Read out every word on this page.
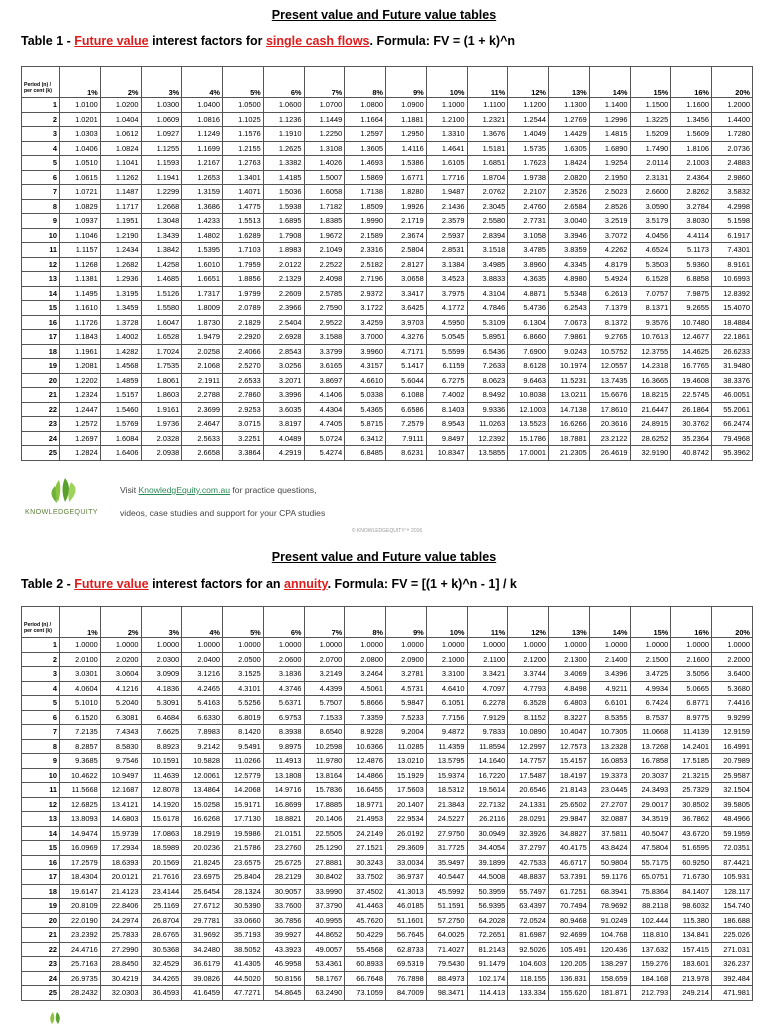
Present value and Future value tables
Table 1 - Future value interest factors for single cash flows. Formula: FV = (1 + k)^n
Period (n) / per cent (k)	1%	2%	3%	4%	5%	6%	7%	8%	9%	10%	11%	12%	13%	14%	15%	16%	20%
1	1.0100	1.0200	1.0300	1.0400	1.0500	1.0600	1.0700	1.0800	1.0900	1.1000	1.1100	1.1200	1.1300	1.1400	1.1500	1.1600	1.2000
2	1.0201	1.0404	1.0609	1.0816	1.1025	1.1236	1.1449	1.1664	1.1881	1.2100	1.2321	1.2544	1.2769	1.2996	1.3225	1.3456	1.4400
3	1.0303	1.0612	1.0927	1.1249	1.1576	1.1910	1.2250	1.2597	1.2950	1.3310	1.3676	1.4049	1.4429	1.4815	1.5209	1.5609	1.7280
4	1.0406	1.0824	1.1255	1.1699	1.2155	1.2625	1.3108	1.3605	1.4116	1.4641	1.5181	1.5735	1.6305	1.6890	1.7490	1.8106	2.0736
5	1.0510	1.1041	1.1593	1.2167	1.2763	1.3382	1.4026	1.4693	1.5386	1.6105	1.6851	1.7623	1.8424	1.9254	2.0114	2.1003	2.4883
6	1.0615	1.1262	1.1941	1.2653	1.3401	1.4185	1.5007	1.5869	1.6771	1.7716	1.8704	1.9738	2.0820	2.1950	2.3131	2.4364	2.9860
7	1.0721	1.1487	1.2299	1.3159	1.4071	1.5036	1.6058	1.7138	1.8280	1.9487	2.0762	2.2107	2.3526	2.5023	2.6600	2.8262	3.5832
8	1.0829	1.1717	1.2668	1.3686	1.4775	1.5938	1.7182	1.8509	1.9926	2.1436	2.3045	2.4760	2.6584	2.8526	3.0590	3.2784	4.2998
9	1.0937	1.1951	1.3048	1.4233	1.5513	1.6895	1.8385	1.9990	2.1719	2.3579	2.5580	2.7731	3.0040	3.2519	3.5179	3.8030	5.1598
10	1.1046	1.2190	1.3439	1.4802	1.6289	1.7908	1.9672	2.1589	2.3674	2.5937	2.8394	3.1058	3.3946	3.7072	4.0456	4.4114	6.1917
11	1.1157	1.2434	1.3842	1.5395	1.7103	1.8983	2.1049	2.3316	2.5804	2.8531	3.1518	3.4785	3.8359	4.2262	4.6524	5.1173	7.4301
12	1.1268	1.2682	1.4258	1.6010	1.7959	2.0122	2.2522	2.5182	2.8127	3.1384	3.4985	3.8960	4.3345	4.8179	5.3503	5.9360	8.9161
13	1.1381	1.2936	1.4685	1.6651	1.8856	2.1329	2.4098	2.7196	3.0658	3.4523	3.8833	4.3635	4.8980	5.4924	6.1528	6.8858	10.6993
14	1.1495	1.3195	1.5126	1.7317	1.9799	2.2609	2.5785	2.9372	3.3417	3.7975	4.3104	4.8871	5.5348	6.2613	7.0757	7.9875	12.8392
15	1.1610	1.3459	1.5580	1.8009	2.0789	2.3966	2.7590	3.1722	3.6425	4.1772	4.7846	5.4736	6.2543	7.1379	8.1371	9.2655	15.4070
16	1.1726	1.3728	1.6047	1.8730	2.1829	2.5404	2.9522	3.4259	3.9703	4.5950	5.3109	6.1304	7.0673	8.1372	9.3576	10.7480	18.4884
17	1.1843	1.4002	1.6528	1.9479	2.2920	2.6928	3.1588	3.7000	4.3276	5.0545	5.8951	6.8660	7.9861	9.2765	10.7613	12.4677	22.1861
18	1.1961	1.4282	1.7024	2.0258	2.4066	2.8543	3.3799	3.9960	4.7171	5.5599	6.5436	7.6900	9.0243	10.5752	12.3755	14.4625	26.6233
19	1.2081	1.4568	1.7535	2.1068	2.5270	3.0256	3.6165	4.3157	5.1417	6.1159	7.2633	8.6128	10.1974	12.0557	14.2318	16.7765	31.9480
20	1.2202	1.4859	1.8061	2.1911	2.6533	3.2071	3.8697	4.6610	5.6044	6.7275	8.0623	9.6463	11.5231	13.7435	16.3665	19.4608	38.3376
21	1.2324	1.5157	1.8603	2.2788	2.7860	3.3996	4.1406	5.0338	6.1088	7.4002	8.9492	10.8038	13.0211	15.6676	18.8215	22.5745	46.0051
22	1.2447	1.5460	1.9161	2.3699	2.9253	3.6035	4.4304	5.4365	6.6586	8.1403	9.9336	12.1003	14.7138	17.8610	21.6447	26.1864	55.2061
23	1.2572	1.5769	1.9736	2.4647	3.0715	3.8197	4.7405	5.8715	7.2579	8.9543	11.0263	13.5523	16.6266	20.3616	24.8915	30.3762	66.2474
24	1.2697	1.6084	2.0328	2.5633	3.2251	4.0489	5.0724	6.3412	7.9111	9.8497	12.2392	15.1786	18.7881	23.2122	28.6252	35.2364	79.4968
25	1.2824	1.6406	2.0938	2.6658	3.3864	4.2919	5.4274	6.8485	8.6231	10.8347	13.5855	17.0001	21.2305	26.4619	32.9190	40.8742	95.3962
KNOWLEDGEQUITY
Visit KnowledgEquity.com.au for practice questions,
videos, case studies and support for your CPA studies
© KNOWLEDGEQUITY™ 2016
Present value and Future value tables
Table 2 - Future value interest factors for an annuity. Formula: FV = [(1 + k)^n - 1] / k
Period (n) / per cent (k)	1%	2%	3%	4%	5%	6%	7%	8%	9%	10%	11%	12%	13%	14%	15%	16%	20%
1	1.0000	1.0000	1.0000	1.0000	1.0000	1.0000	1.0000	1.0000	1.0000	1.0000	1.0000	1.0000	1.0000	1.0000	1.0000	1.0000	1.0000
2	2.0100	2.0200	2.0300	2.0400	2.0500	2.0600	2.0700	2.0800	2.0900	2.1000	2.1100	2.1200	2.1300	2.1400	2.1500	2.1600	2.2000
3	3.0301	3.0604	3.0909	3.1216	3.1525	3.1836	3.2149	3.2464	3.2781	3.3100	3.3421	3.3744	3.4069	3.4396	3.4725	3.5056	3.6400
4	4.0604	4.1216	4.1836	4.2465	4.3101	4.3746	4.4399	4.5061	4.5731	4.6410	4.7097	4.7793	4.8498	4.9211	4.9934	5.0665	5.3680
5	5.1010	5.2040	5.3091	5.4163	5.5256	5.6371	5.7507	5.8666	5.9847	6.1051	6.2278	6.3528	6.4803	6.6101	6.7424	6.8771	7.4416
6	6.1520	6.3081	6.4684	6.6330	6.8019	6.9753	7.1533	7.3359	7.5233	7.7156	7.9129	8.1152	8.3227	8.5355	8.7537	8.9775	9.9299
7	7.2135	7.4343	7.6625	7.8983	8.1420	8.3938	8.6540	8.9228	9.2004	9.4872	9.7833	10.0890	10.4047	10.7305	11.0668	11.4139	12.9159
8	8.2857	8.5830	8.8923	9.2142	9.5491	9.8975	10.2598	10.6366	11.0285	11.4359	11.8594	12.2997	12.7573	13.2328	13.7268	14.2401	16.4991
9	9.3685	9.7546	10.1591	10.5828	11.0266	11.4913	11.9780	12.4876	13.0210	13.5795	14.1640	14.7757	15.4157	16.0853	16.7858	17.5185	20.7989
10	10.4622	10.9497	11.4639	12.0061	12.5779	13.1808	13.8164	14.4866	15.1929	15.9374	16.7220	17.5487	18.4197	19.3373	20.3037	21.3215	25.9587
11	11.5668	12.1687	12.8078	13.4864	14.2068	14.9716	15.7836	16.6455	17.5603	18.5312	19.5614	20.6546	21.8143	23.0445	24.3493	25.7329	32.1504
12	12.6825	13.4121	14.1920	15.0258	15.9171	16.8699	17.8885	18.9771	20.1407	21.3843	22.7132	24.1331	25.6502	27.2707	29.0017	30.8502	39.5805
13	13.8093	14.6803	15.6178	16.6268	17.7130	18.8821	20.1406	21.4953	22.9534	24.5227	26.2116	28.0291	29.9847	32.0887	34.3519	36.7862	48.4966
14	14.9474	15.9739	17.0863	18.2919	19.5986	21.0151	22.5505	24.2149	26.0192	27.9750	30.0949	32.3926	34.8827	37.5811	40.5047	43.6720	59.1959
15	16.0969	17.2934	18.5989	20.0236	21.5786	23.2760	25.1290	27.1521	29.3609	31.7725	34.4054	37.2797	40.4175	43.8424	47.5804	51.6595	72.0351
16	17.2579	18.6393	20.1569	21.8245	23.6575	25.6725	27.8881	30.3243	33.0034	35.9497	39.1899	42.7533	46.6717	50.9804	55.7175	60.9250	87.4421
17	18.4304	20.0121	21.7616	23.6975	25.8404	28.2129	30.8402	33.7502	36.9737	40.5447	44.5008	48.8837	53.7391	59.1176	65.0751	71.6730	105.931
18	19.6147	21.4123	23.4144	25.6454	28.1324	30.9057	33.9990	37.4502	41.3013	45.5992	50.3959	55.7497	61.7251	68.3941	75.8364	84.1407	128.117
19	20.8109	22.8406	25.1169	27.6712	30.5390	33.7600	37.3790	41.4463	46.0185	51.1591	56.9395	63.4397	70.7494	78.9692	88.2118	98.6032	154.740
20	22.0190	24.2974	26.8704	29.7781	33.0660	36.7856	40.9955	45.7620	51.1601	57.2750	64.2028	72.0524	80.9468	91.0249	102.444	115.380	186.688
21	23.2392	25.7833	28.6765	31.9692	35.7193	39.9927	44.8652	50.4229	56.7645	64.0025	72.2651	81.6987	92.4699	104.768	118.810	134.841	225.026
22	24.4716	27.2990	30.5368	34.2480	38.5052	43.3923	49.0057	55.4568	62.8733	71.4027	81.2143	92.5026	105.491	120.436	137.632	157.415	271.031
23	25.7163	28.8450	32.4529	36.6179	41.4305	46.9958	53.4361	60.8933	69.5319	79.5430	91.1479	104.603	120.205	138.297	159.276	183.601	326.237
24	26.9735	30.4219	34.4265	39.0826	44.5020	50.8156	58.1767	66.7648	76.7898	88.4973	102.174	118.155	136.831	158.659	184.168	213.978	392.484
25	28.2432	32.0303	36.4593	41.6459	47.7271	54.8645	63.2490	73.1059	84.7009	98.3471	114.413	133.334	155.620	181.871	212.793	249.214	471.981
